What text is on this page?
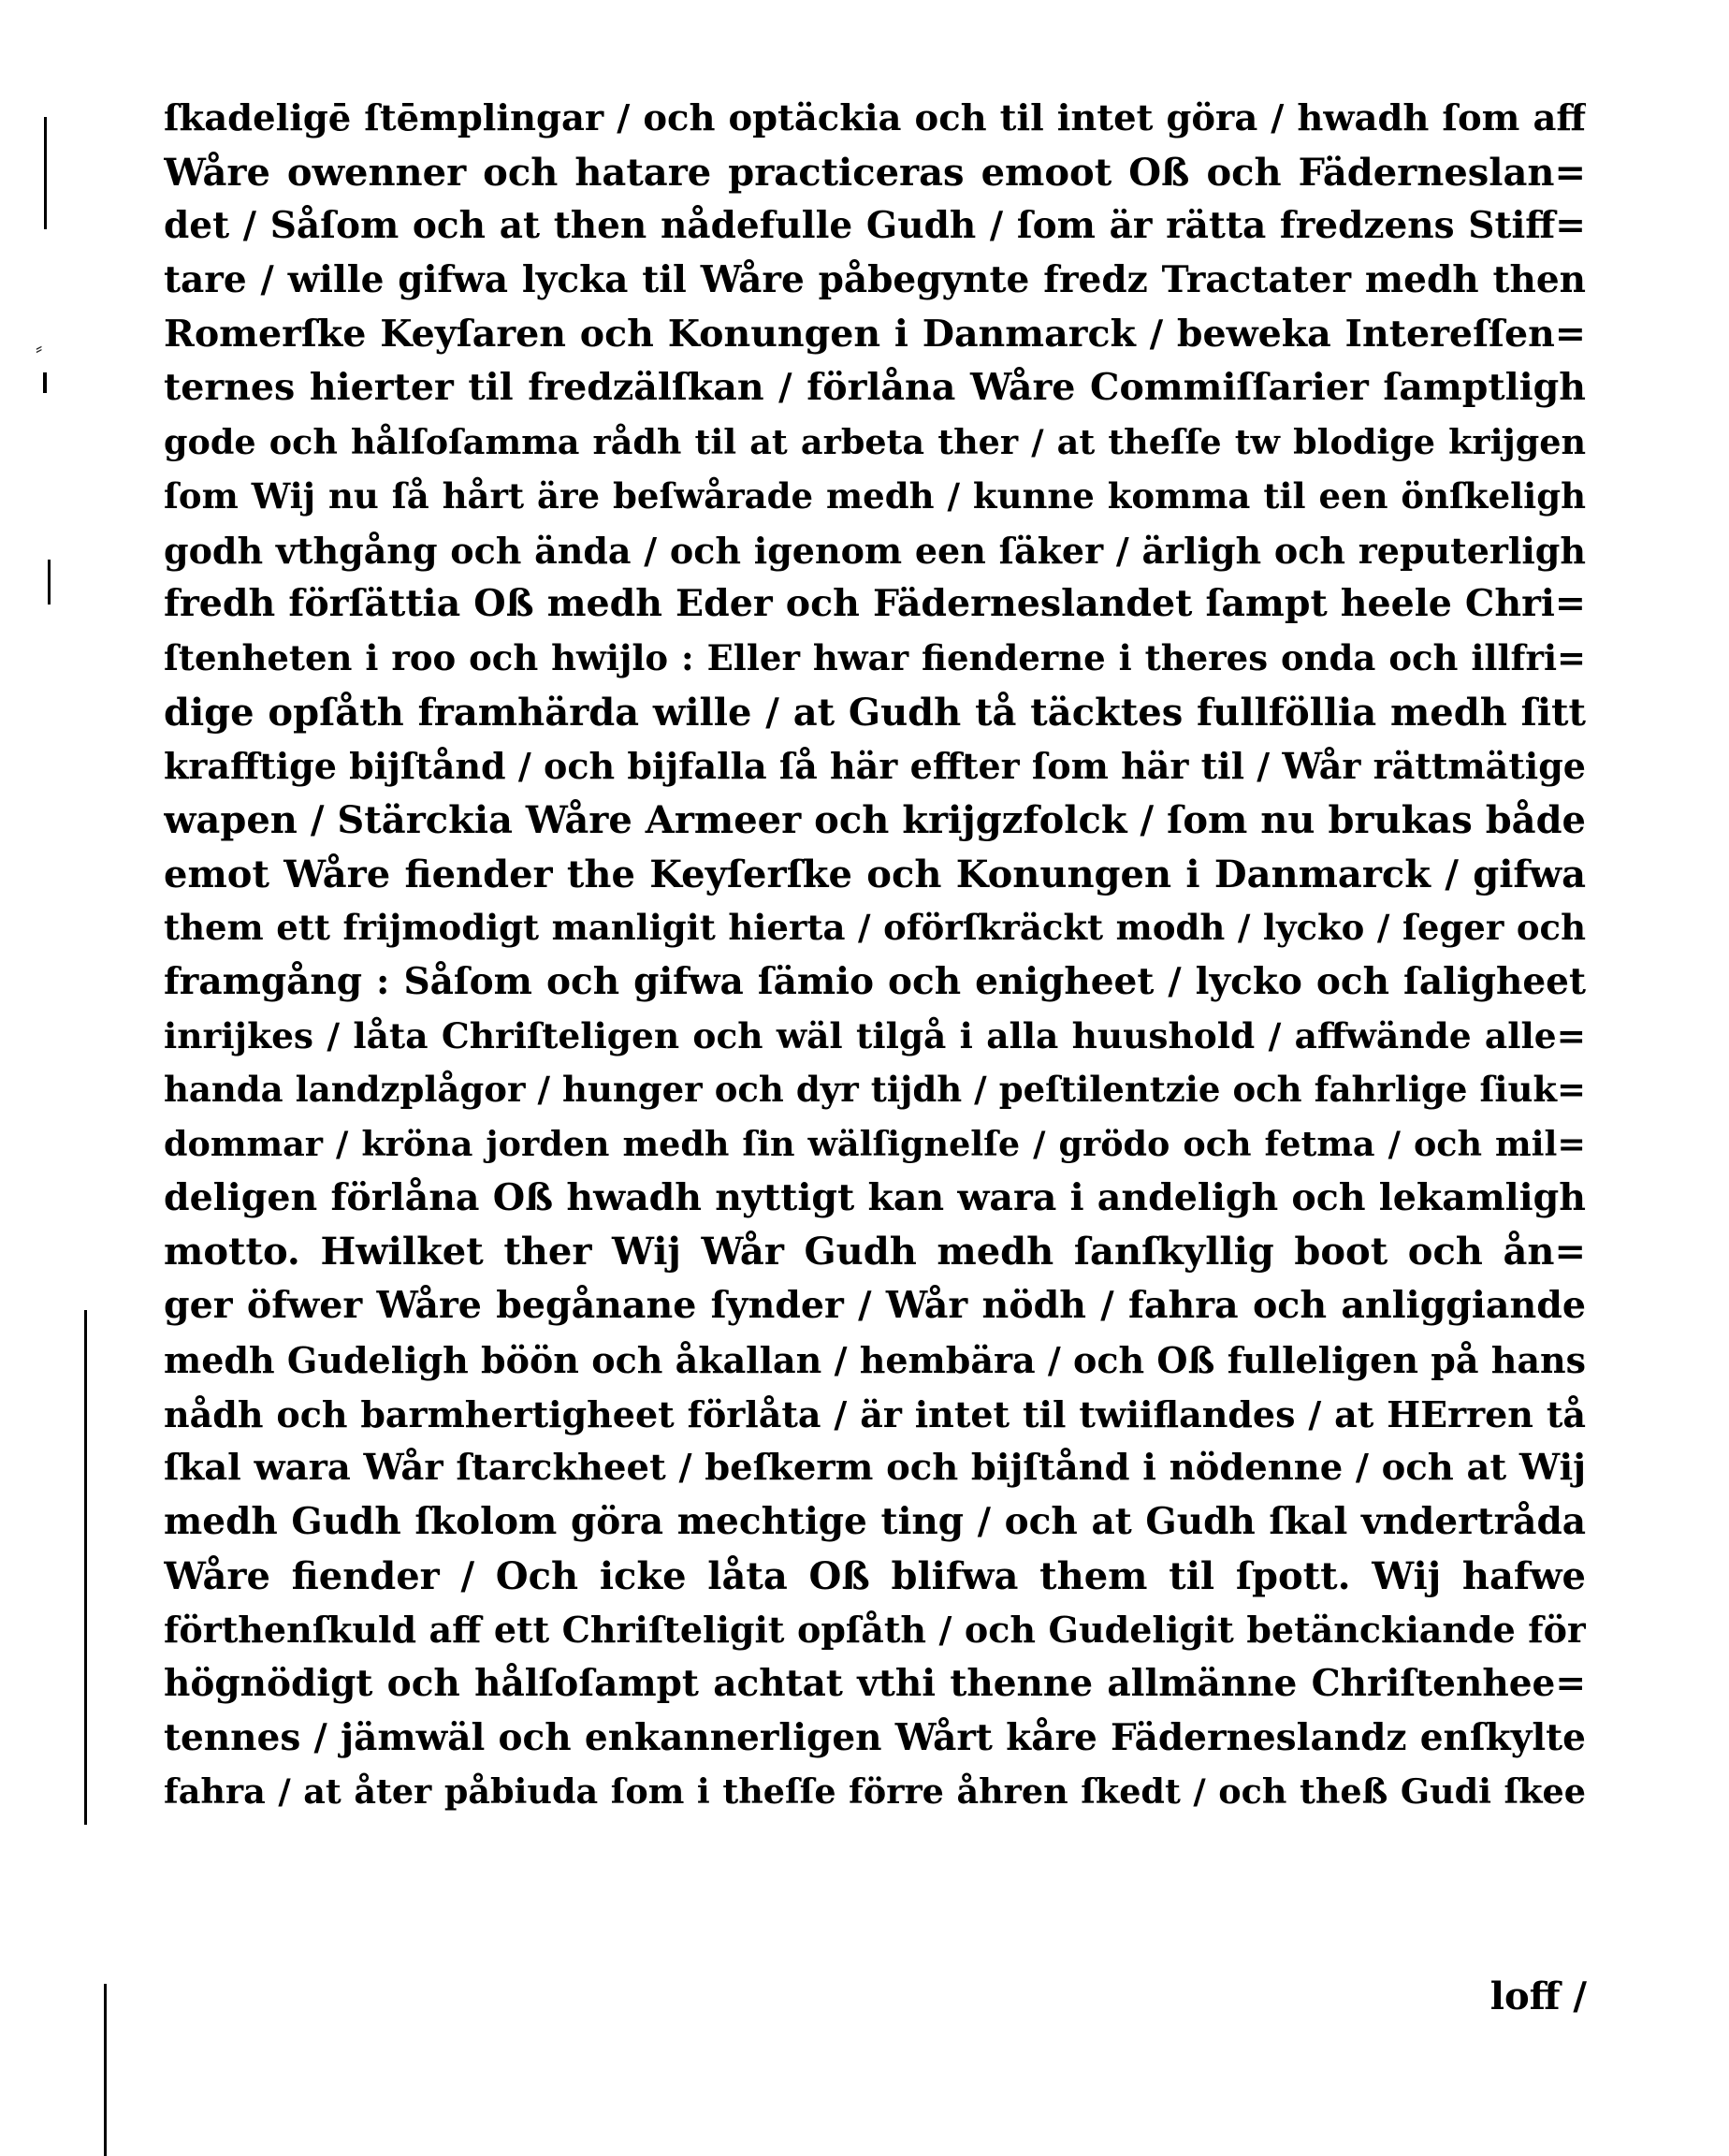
⸗
ſkadeligē ſtēmplingar / och optäckia och til intet göra / hwadh ſom aff
Wåre owenner och hatare practiceras emoot Oß och Fäderneslan=
det / Såſom och at then nådefulle Gudh / ſom är rätta fredzens Stiff=
tare / wille gifwa lycka til Wåre påbegynte fredz Tractater medh then
Romerſke Keyſaren och Konungen i Danmarck / beweka Intereſſen=
ternes hierter til fredzälſkan / förlåna Wåre Commiſſarier ſamptligh
gode och hålſoſamma rådh til at arbeta ther / at theſſe tw blodige krijgen
ſom Wij nu ſå hårt äre beſwårade medh / kunne komma til een önſkeligh
godh vthgång och ända / och igenom een ſäker / ärligh och reputerligh
fredh förſättia Oß medh Eder och Fäderneslandet ſampt heele Chri=
ſtenheten i roo och hwijlo : Eller hwar fienderne i theres onda och illfri=
dige opſåth framhärda wille / at Gudh tå täcktes fullföllia medh ſitt
krafftige bijſtånd / och bijfalla ſå här effter ſom här til / Wår rättmätige
wapen / Stärckia Wåre Armeer och krijgzfolck / ſom nu brukas både
emot Wåre fiender the Keyſerſke och Konungen i Danmarck / gifwa
them ett frijmodigt manligit hierta / oförſkräckt modh / lycko / ſeger och
framgång : Såſom och gifwa ſämio och enigheet / lycko och ſaligheet
inrijkes / låta Chriſteligen och wäl tilgå i alla huushold / affwände alle=
handa landzplågor / hunger och dyr tijdh / peſtilentzie och fahrlige ſiuk=
dommar / kröna jorden medh ſin wälſignelſe / grödo och fetma / och mil=
deligen förlåna Oß hwadh nyttigt kan wara i andeligh och lekamligh
motto. Hwilket ther Wij Wår Gudh medh ſanſkyllig boot och ån=
ger öfwer Wåre begånane ſynder / Wår nödh / fahra och anliggiande
medh Gudeligh böön och åkallan / hembära / och Oß fulleligen på hans
nådh och barmhertigheet förlåta / är intet til twiiflandes / at HErren tå
ſkal wara Wår ſtarckheet / beſkerm och bijſtånd i nödenne / och at Wij
medh Gudh ſkolom göra mechtige ting / och at Gudh ſkal vndertråda
Wåre fiender / Och icke låta Oß blifwa them til ſpott. Wij hafwe
förthenſkuld aff ett Chriſteligit opſåth / och Gudeligit betänckiande för
högnödigt och hålſoſampt achtat vthi thenne allmänne Chriſtenhee=
tennes / jämwäl och enkannerligen Wårt kåre Fäderneslandz enſkylte
fahra / at åter påbiuda ſom i theſſe förre åhren ſkedt / och theß Gudi ſkee
loff /
